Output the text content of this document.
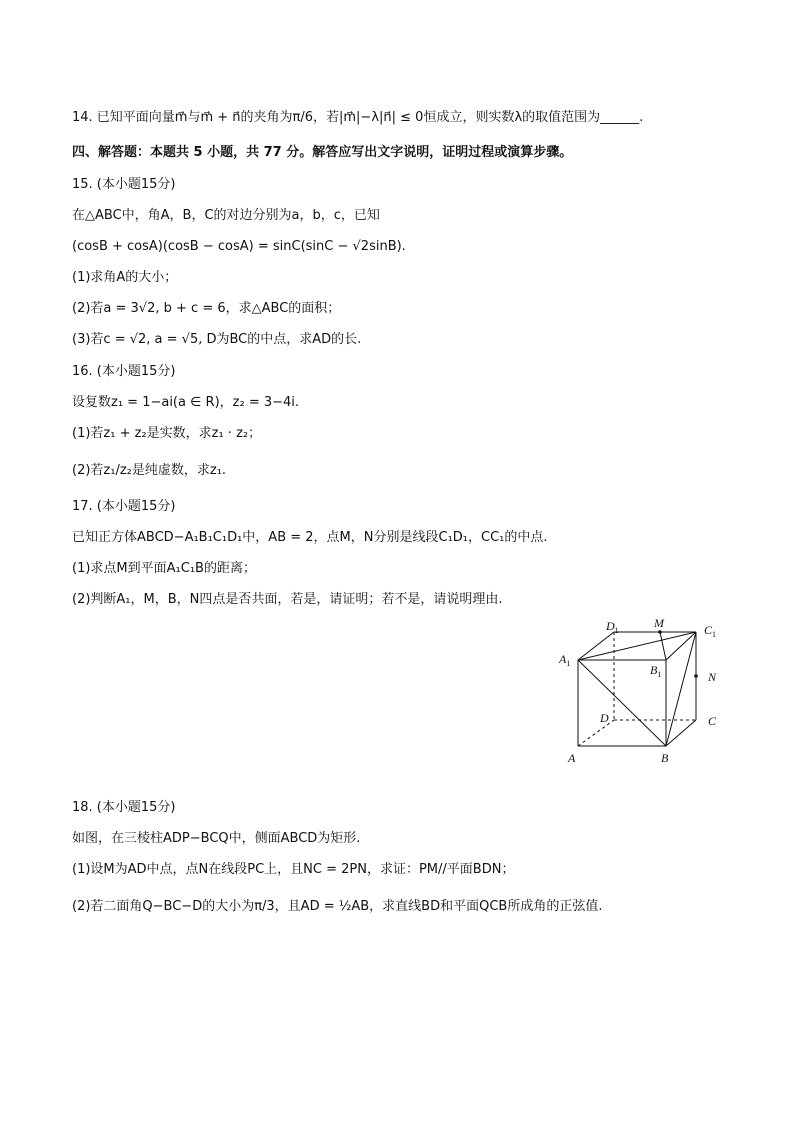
14. 已知平面向量m⃗与m⃗ + n⃗的夹角为π/6，若|m⃗|−λ|n⃗| ≤ 0恒成立，则实数λ的取值范围为______.
四、解答题：本题共 5 小题，共 77 分。解答应写出文字说明，证明过程或演算步骤。
15. (本小题15分)
在△ABC中，角A，B，C的对边分别为a，b，c，已知
(cosB + cosA)(cosB − cosA) = sinC(sinC − √2sinB).
(1)求角A的大小；
(2)若a = 3√2, b + c = 6，求△ABC的面积；
(3)若c = √2, a = √5, D为BC的中点，求AD的长.
16. (本小题15分)
设复数z₁ = 1−ai(a ∈ R)，z₂ = 3−4i.
(1)若z₁ + z₂是实数，求z₁ · z₂；
(2)若z₁/z₂是纯虚数，求z₁.
17. (本小题15分)
已知正方体ABCD−A₁B₁C₁D₁中，AB = 2，点M，N分别是线段C₁D₁，CC₁的中点.
(1)求点M到平面A₁C₁B的距离；
(2)判断A₁，M，B，N四点是否共面，若是，请证明；若不是，请说明理由.
$D_1$
M	$C_1$
$A_1$	$B_1$	N
D	C
A	B
18. (本小题15分)
如图，在三棱柱ADP−BCQ中，侧面ABCD为矩形.
(1)设M为AD中点，点N在线段PC上，且NC = 2PN，求证：PM//平面BDN；
(2)若二面角Q−BC−D的大小为π/3，且AD = ½AB，求直线BD和平面QCB所成角的正弦值.
